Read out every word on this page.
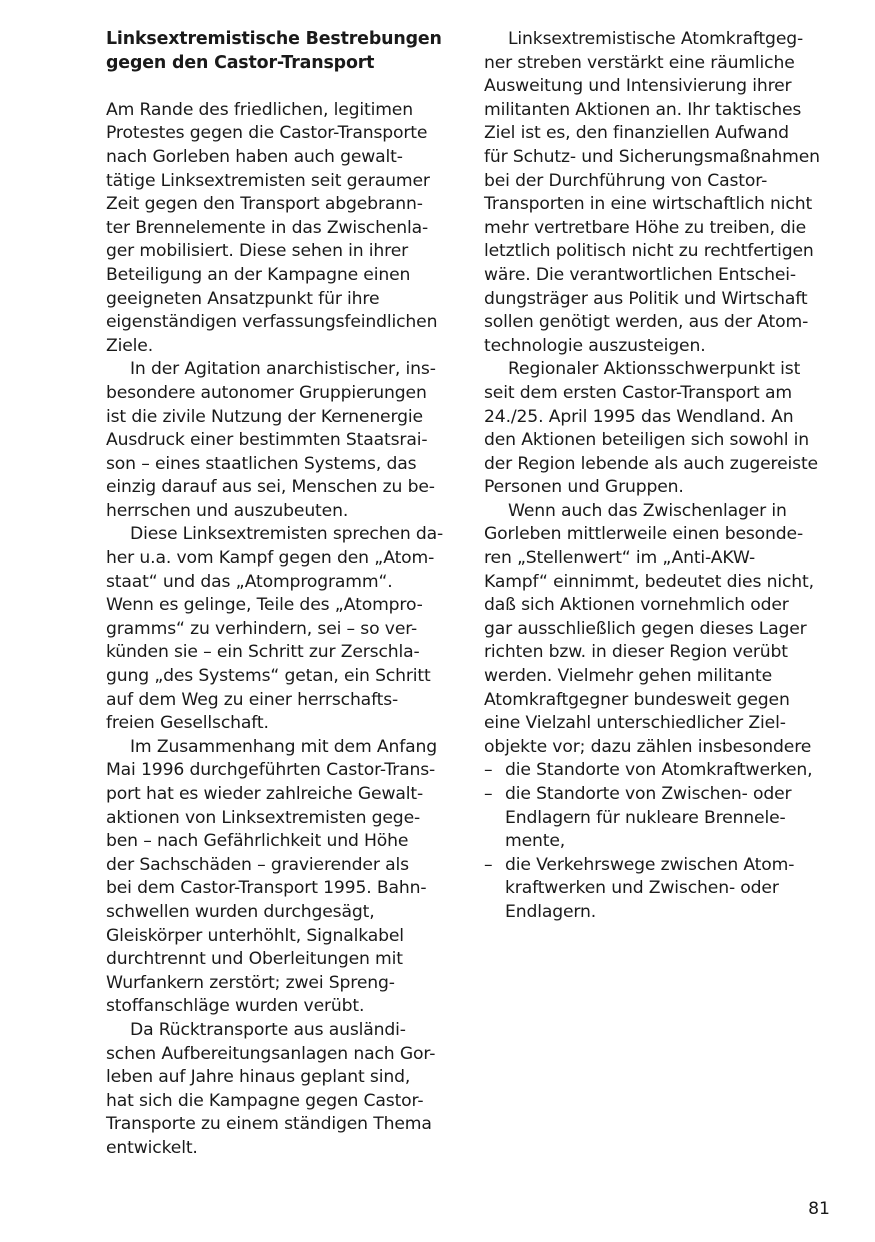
Linksextremistische Bestrebungen
gegen den Castor-Transport
Am Rande des friedlichen, legitimen
Protestes gegen die Castor-Transporte
nach Gorleben haben auch gewalt-
tätige Linksextremisten seit geraumer
Zeit gegen den Transport abgebrann-
ter Brennelemente in das Zwischenla-
ger mobilisiert. Diese sehen in ihrer
Beteiligung an der Kampagne einen
geeigneten Ansatzpunkt für ihre
eigenständigen verfassungsfeindlichen
Ziele.
In der Agitation anarchistischer, ins-
besondere autonomer Gruppierungen
ist die zivile Nutzung der Kernenergie
Ausdruck einer bestimmten Staatsrai-
son – eines staatlichen Systems, das
einzig darauf aus sei, Menschen zu be-
herrschen und auszubeuten.
Diese Linksextremisten sprechen da-
her u.a. vom Kampf gegen den „Atom-
staat“ und das „Atomprogramm“.
Wenn es gelinge, Teile des „Atompro-
gramms“ zu verhindern, sei – so ver-
künden sie – ein Schritt zur Zerschla-
gung „des Systems“ getan, ein Schritt
auf dem Weg zu einer herrschafts-
freien Gesellschaft.
Im Zusammenhang mit dem Anfang
Mai 1996 durchgeführten Castor-Trans-
port hat es wieder zahlreiche Gewalt-
aktionen von Linksextremisten gege-
ben – nach Gefährlichkeit und Höhe
der Sachschäden – gravierender als
bei dem Castor-Transport 1995. Bahn-
schwellen wurden durchgesägt,
Gleiskörper unterhöhlt, Signalkabel
durchtrennt und Oberleitungen mit
Wurfankern zerstört; zwei Spreng-
stoffanschläge wurden verübt.
Da Rücktransporte aus ausländi-
schen Aufbereitungsanlagen nach Gor-
leben auf Jahre hinaus geplant sind,
hat sich die Kampagne gegen Castor-
Transporte zu einem ständigen Thema
entwickelt.
Linksextremistische Atomkraftgeg-
ner streben verstärkt eine räumliche
Ausweitung und Intensivierung ihrer
militanten Aktionen an. Ihr taktisches
Ziel ist es, den finanziellen Aufwand
für Schutz- und Sicherungsmaßnahmen
bei der Durchführung von Castor-
Transporten in eine wirtschaftlich nicht
mehr vertretbare Höhe zu treiben, die
letztlich politisch nicht zu rechtfertigen
wäre. Die verantwortlichen Entschei-
dungsträger aus Politik und Wirtschaft
sollen genötigt werden, aus der Atom-
technologie auszusteigen.
Regionaler Aktionsschwerpunkt ist
seit dem ersten Castor-Transport am
24./25. April 1995 das Wendland. An
den Aktionen beteiligen sich sowohl in
der Region lebende als auch zugereiste
Personen und Gruppen.
Wenn auch das Zwischenlager in
Gorleben mittlerweile einen besonde-
ren „Stellenwert“ im „Anti-AKW-
Kampf“ einnimmt, bedeutet dies nicht,
daß sich Aktionen vornehmlich oder
gar ausschließlich gegen dieses Lager
richten bzw. in dieser Region verübt
werden. Vielmehr gehen militante
Atomkraftgegner bundesweit gegen
eine Vielzahl unterschiedlicher Ziel-
objekte vor; dazu zählen insbesondere
– die Standorte von Atomkraftwerken,
– die Standorte von Zwischen- oder
Endlagern für nukleare Brennele-
mente,
– die Verkehrswege zwischen Atom-
kraftwerken und Zwischen- oder
Endlagern.
81
